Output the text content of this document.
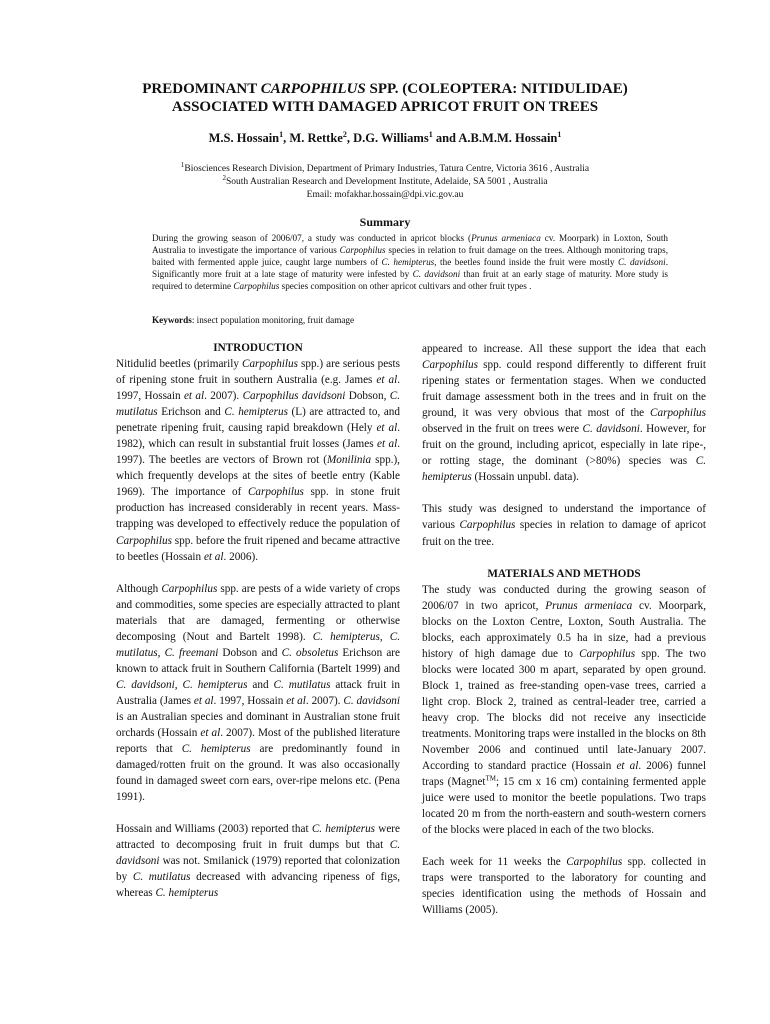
PREDOMINANT CARPOPHILUS SPP. (COLEOPTERA: NITIDULIDAE)
ASSOCIATED WITH DAMAGED APRICOT FRUIT ON TREES
M.S. Hossain$^1$, M. Rettke$^2$, D.G. Williams$^1$ and A.B.M.M. Hossain$^1$
$^1$Biosciences Research Division, Department of Primary Industries, Tatura Centre, Victoria 3616 , Australia
$^2$South Australian Research and Development Institute, Adelaide, SA 5001 , Australia
Email: mofakhar.hossain@dpi.vic.gov.au
Summary
During the growing season of 2006/07, a study was conducted in apricot blocks (Prunus armeniaca cv. Moorpark) in Loxton, South Australia to investigate the importance of various Carpophilus species in relation to fruit damage on the trees. Although monitoring traps, baited with fermented apple juice, caught large numbers of C. hemipterus, the beetles found inside the fruit were mostly C. davidsoni. Significantly more fruit at a late stage of maturity were infested by C. davidsoni than fruit at an early stage of maturity. More study is required to determine Carpophilus species composition on other apricot cultivars and other fruit types .
Keywords: insect population monitoring, fruit damage
INTRODUCTION

Nitidulid beetles (primarily Carpophilus spp.) are serious pests of ripening stone fruit in southern Australia (e.g. James et al. 1997, Hossain et al. 2007). Carpophilus davidsoni Dobson, C. mutilatus Erichson and C. hemipterus (L) are attracted to, and penetrate ripening fruit, causing rapid breakdown (Hely et al. 1982), which can result in substantial fruit losses (James et al. 1997). The beetles are vectors of Brown rot (Monilinia spp.), which frequently develops at the sites of beetle entry (Kable 1969). The importance of Carpophilus spp. in stone fruit production has increased considerably in recent years. Mass-trapping was developed to effectively reduce the population of Carpophilus spp. before the fruit ripened and became attractive to beetles (Hossain et al. 2006).

Although Carpophilus spp. are pests of a wide variety of crops and commodities, some species are especially attracted to plant materials that are damaged, fermenting or otherwise decomposing (Nout and Bartelt 1998). C. hemipterus, C. mutilatus, C. freemani Dobson and C. obsoletus Erichson are known to attack fruit in Southern California (Bartelt 1999) and C. davidsoni, C. hemipterus and C. mutilatus attack fruit in Australia (James et al. 1997, Hossain et al. 2007). C. davidsoni is an Australian species and dominant in Australian stone fruit orchards (Hossain et al. 2007). Most of the published literature reports that C. hemipterus are predominantly found in damaged/rotten fruit on the ground. It was also occasionally found in damaged sweet corn ears, over-ripe melons etc. (Pena 1991).

Hossain and Williams (2003) reported that C. hemipterus were attracted to decomposing fruit in fruit dumps but that C. davidsoni was not. Smilanick (1979) reported that colonization by C. mutilatus decreased with advancing ripeness of figs, whereas C. hemipterus

appeared to increase. All these support the idea that each Carpophilus spp. could respond differently to different fruit ripening states or fermentation stages. When we conducted fruit damage assessment both in the trees and in fruit on the ground, it was very obvious that most of the Carpophilus observed in the fruit on trees were C. davidsoni. However, for fruit on the ground, including apricot, especially in late ripe-, or rotting stage, the dominant (>80%) species was C. hemipterus (Hossain unpubl. data).

This study was designed to understand the importance of various Carpophilus species in relation to damage of apricot fruit on the tree.

MATERIALS AND METHODS

The study was conducted during the growing season of 2006/07 in two apricot, Prunus armeniaca cv. Moorpark, blocks on the Loxton Centre, Loxton, South Australia. The blocks, each approximately 0.5 ha in size, had a previous history of high damage due to Carpophilus spp. The two blocks were located 300 m apart, separated by open ground. Block 1, trained as free-standing open-vase trees, carried a light crop. Block 2, trained as central-leader tree, carried a heavy crop. The blocks did not receive any insecticide treatments. Monitoring traps were installed in the blocks on 8th November 2006 and continued until late-January 2007. According to standard practice (Hossain et al. 2006) funnel traps (Magnet™; 15 cm x 16 cm) containing fermented apple juice were used to monitor the beetle populations. Two traps located 20 m from the north-eastern and south-western corners of the blocks were placed in each of the two blocks.

Each week for 11 weeks the Carpophilus spp. collected in traps were transported to the laboratory for counting and species identification using the methods of Hossain and Williams (2005).
